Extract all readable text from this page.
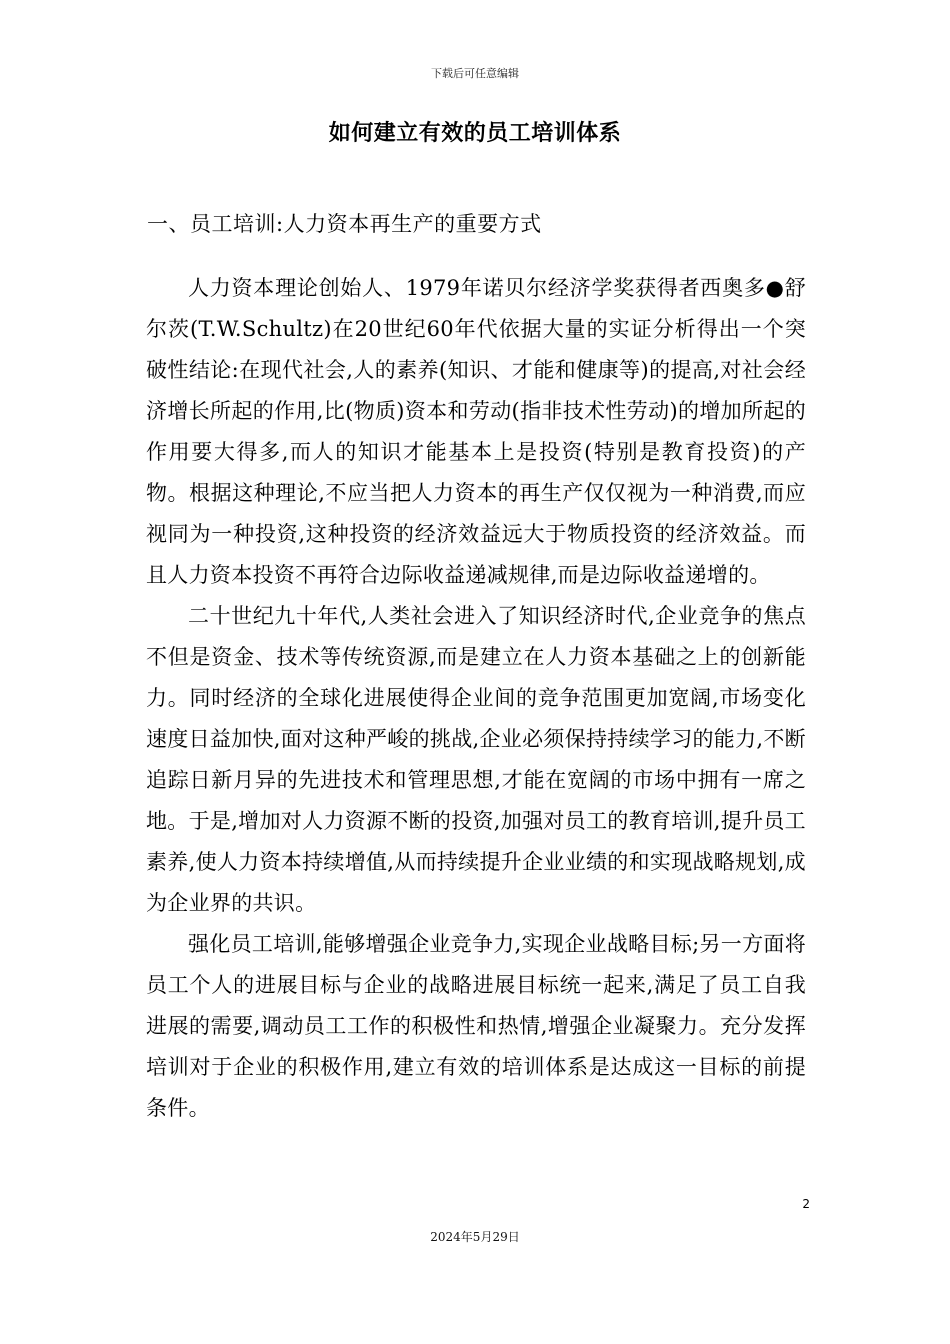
下载后可任意编辑
如何建立有效的员工培训体系
一、员工培训:人力资本再生产的重要方式

人力资本理论创始人、1979年诺贝尔经济学奖获得者西奥多●舒尔茨(T.W.Schultz)在20世纪60年代依据大量的实证分析得出一个突破性结论:在现代社会,人的素养(知识、才能和健康等)的提高,对社会经济增长所起的作用,比(物质)资本和劳动(指非技术性劳动)的增加所起的作用要大得多,而人的知识才能基本上是投资(特别是教育投资)的产物。根据这种理论,不应当把人力资本的再生产仅仅视为一种消费,而应视同为一种投资,这种投资的经济效益远大于物质投资的经济效益。而且人力资本投资不再符合边际收益递减规律,而是边际收益递增的。

二十世纪九十年代,人类社会进入了知识经济时代,企业竞争的焦点不但是资金、技术等传统资源,而是建立在人力资本基础之上的创新能力。同时经济的全球化进展使得企业间的竞争范围更加宽阔,市场变化速度日益加快,面对这种严峻的挑战,企业必须保持持续学习的能力,不断追踪日新月异的先进技术和管理思想,才能在宽阔的市场中拥有一席之地。于是,增加对人力资源不断的投资,加强对员工的教育培训,提升员工素养,使人力资本持续增值,从而持续提升企业业绩的和实现战略规划,成为企业界的共识。

强化员工培训,能够增强企业竞争力,实现企业战略目标;另一方面将员工个人的进展目标与企业的战略进展目标统一起来,满足了员工自我进展的需要,调动员工工作的积极性和热情,增强企业凝聚力。充分发挥培训对于企业的积极作用,建立有效的培训体系是达成这一目标的前提条件。

2
2024年5月29日
